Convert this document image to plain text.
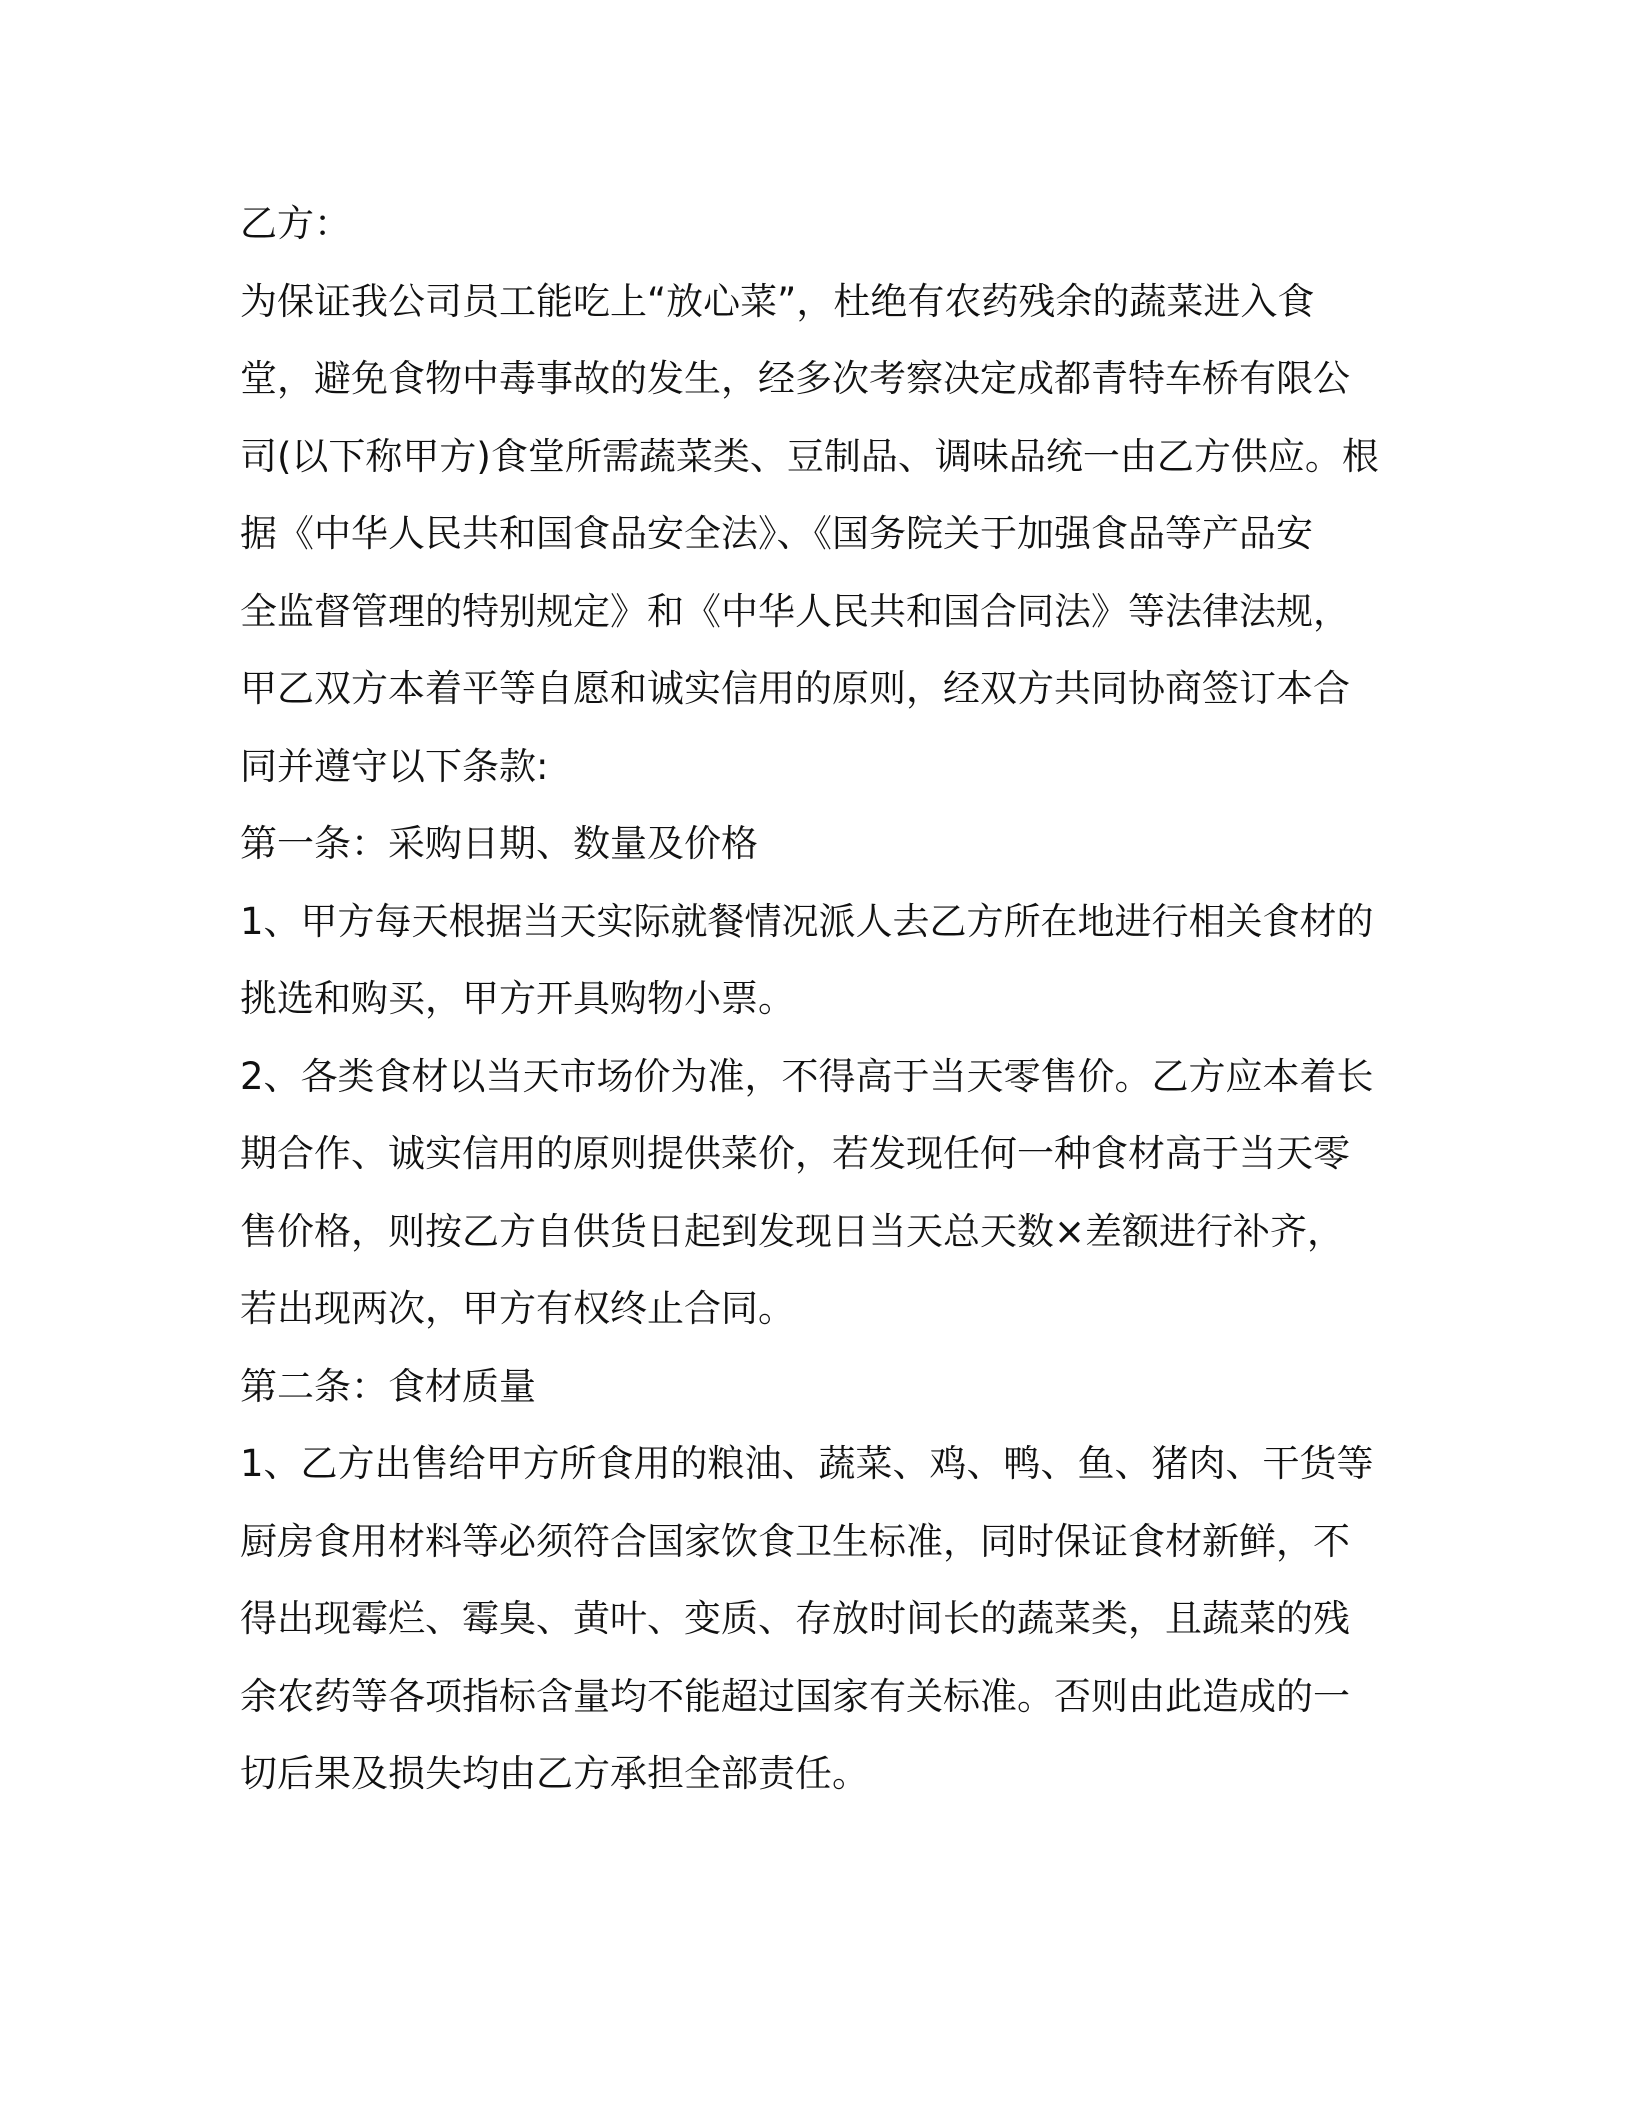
乙方：
为保证我公司员工能吃上“放心菜”，杜绝有农药残余的蔬菜进入食
堂，避免食物中毒事故的发生，经多次考察决定成都青特车桥有限公
司(以下称甲方)食堂所需蔬菜类、豆制品、调味品统一由乙方供应。根
据《中华人民共和国食品安全法》、《国务院关于加强食品等产品安
全监督管理的特别规定》和《中华人民共和国合同法》等法律法规，
甲乙双方本着平等自愿和诚实信用的原则，经双方共同协商签订本合
同并遵守以下条款:
第一条：采购日期、数量及价格
1、甲方每天根据当天实际就餐情况派人去乙方所在地进行相关食材的
挑选和购买，甲方开具购物小票。
2、各类食材以当天市场价为准，不得高于当天零售价。乙方应本着长
期合作、诚实信用的原则提供菜价，若发现任何一种食材高于当天零
售价格，则按乙方自供货日起到发现日当天总天数×差额进行补齐，
若出现两次，甲方有权终止合同。
第二条：食材质量
1、乙方出售给甲方所食用的粮油、蔬菜、鸡、鸭、鱼、猪肉、干货等
厨房食用材料等必须符合国家饮食卫生标准，同时保证食材新鲜，不
得出现霉烂、霉臭、黄叶、变质、存放时间长的蔬菜类，且蔬菜的残
余农药等各项指标含量均不能超过国家有关标准。否则由此造成的一
切后果及损失均由乙方承担全部责任。
